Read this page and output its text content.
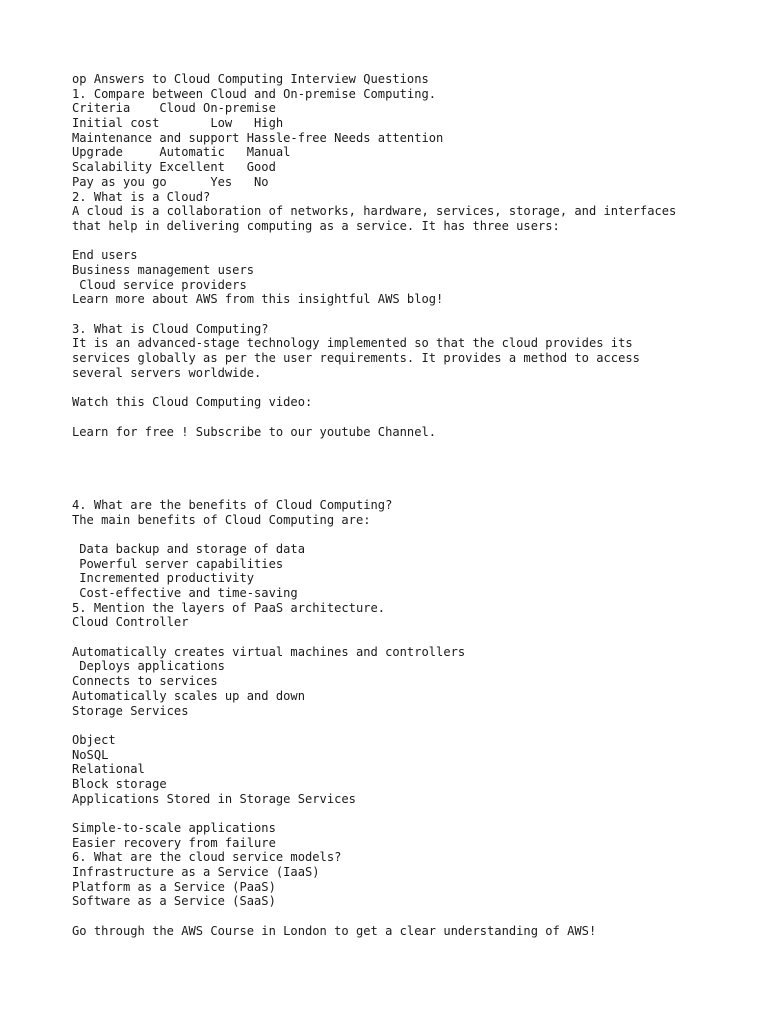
op Answers to Cloud Computing Interview Questions
1. Compare between Cloud and On-premise Computing.
Criteria    Cloud On-premise
Initial cost       Low   High
Maintenance and support Hassle-free Needs attention
Upgrade     Automatic   Manual
Scalability Excellent   Good
Pay as you go      Yes   No
2. What is a Cloud?
A cloud is a collaboration of networks, hardware, services, storage, and interfaces
that help in delivering computing as a service. It has three users:
End users
Business management users
Cloud service providers
Learn more about AWS from this insightful AWS blog!
3. What is Cloud Computing?
It is an advanced-stage technology implemented so that the cloud provides its
services globally as per the user requirements. It provides a method to access
several servers worldwide.
Watch this Cloud Computing video:
Learn for free ! Subscribe to our youtube Channel.
4. What are the benefits of Cloud Computing?
The main benefits of Cloud Computing are:
Data backup and storage of data
Powerful server capabilities
Incremented productivity
Cost-effective and time-saving
5. Mention the layers of PaaS architecture.
Cloud Controller
Automatically creates virtual machines and controllers
Deploys applications
Connects to services
Automatically scales up and down
Storage Services
Object
NoSQL
Relational
Block storage
Applications Stored in Storage Services
Simple-to-scale applications
Easier recovery from failure
6. What are the cloud service models?
Infrastructure as a Service (IaaS)
Platform as a Service (PaaS)
Software as a Service (SaaS)
Go through the AWS Course in London to get a clear understanding of AWS!
